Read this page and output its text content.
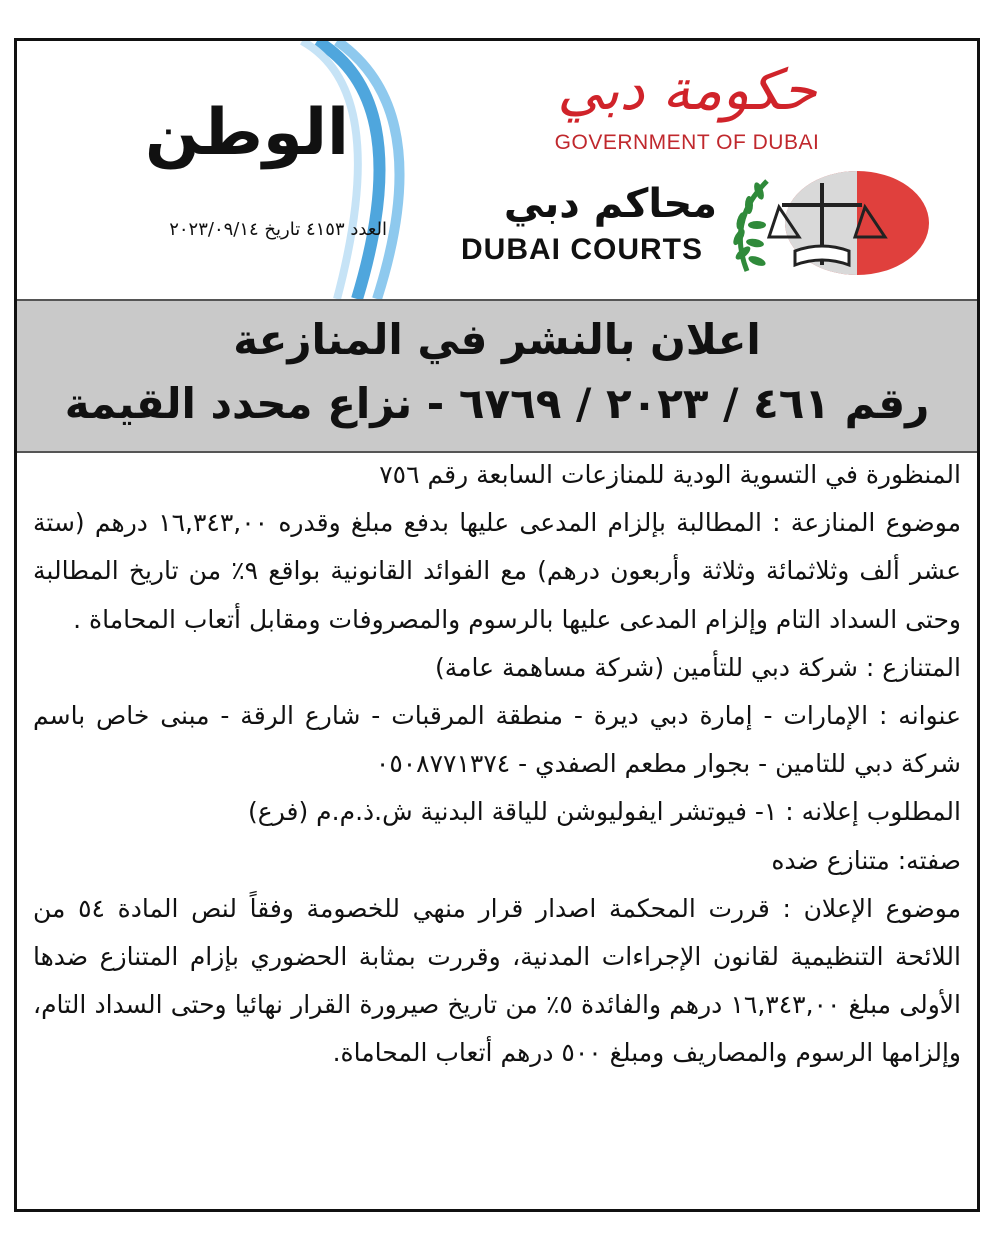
حكومة دبي
GOVERNMENT OF DUBAI
محاكم دبي
DUBAI COURTS
الوطن
العدد ٤١٥٣ تاريخ ٢٠٢٣/٠٩/١٤
اعلان بالنشر في المنازعة
رقم ٤٦١ / ٢٠٢٣ / ٦٧٦٩ - نزاع محدد القيمة

المنظورة في التسوية الودية للمنازعات السابعة رقم ٧٥٦

موضوع المنازعة : المطالبة بإلزام المدعى عليها بدفع مبلغ وقدره ١٦,٣٤٣,٠٠ درهم (ستة عشر ألف وثلاثمائة وثلاثة وأربعون درهم) مع الفوائد القانونية بواقع ٩٪ من تاريخ المطالبة وحتى السداد التام وإلزام المدعى عليها بالرسوم والمصروفات ومقابل أتعاب المحاماة .

المتنازع : شركة دبي للتأمين (شركة مساهمة عامة)

عنوانه : الإمارات - إمارة دبي ديرة - منطقة المرقبات - شارع الرقة - مبنى خاص باسم شركة دبي للتامين - بجوار مطعم الصفدي - ٠٥٠٨٧٧١٣٧٤

المطلوب إعلانه : ١- فيوتشر ايفوليوشن للياقة البدنية ش.ذ.م.م (فرع)

صفته: متنازع ضده

موضوع الإعلان : قررت المحكمة اصدار قرار منهي للخصومة وفقاً لنص المادة ٥٤ من اللائحة التنظيمية لقانون الإجراءات المدنية، وقررت بمثابة الحضوري بإزام المتنازع ضدها الأولى مبلغ ١٦,٣٤٣,٠٠ درهم والفائدة ٥٪ من تاريخ صيرورة القرار نهائيا وحتى السداد التام، وإلزامها الرسوم والمصاريف ومبلغ ٥٠٠ درهم أتعاب المحاماة.
